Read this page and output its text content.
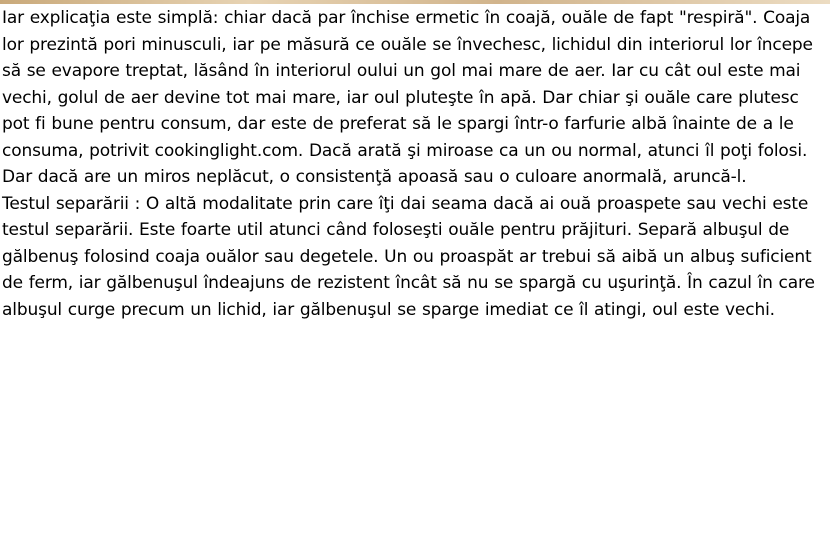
Iar explicaţia este simplă: chiar dacă par închise ermetic în coajă, ouăle de fapt "respiră". Coaja lor prezintă pori minusculi, iar pe măsură ce ouăle se învechesc, lichidul din interiorul lor începe să se evapore treptat, lăsând în interiorul oului un gol mai mare de aer. Iar cu cât oul este mai vechi, golul de aer devine tot mai mare, iar oul pluteşte în apă. Dar chiar şi ouăle care plutesc pot fi bune pentru consum, dar este de preferat să le spargi într-o farfurie albă înainte de a le consuma, potrivit cookinglight.com. Dacă arată şi miroase ca un ou normal, atunci îl poţi folosi. Dar dacă are un miros neplăcut, o consistenţă apoasă sau o culoare anormală, aruncă-l.

Testul separării : O altă modalitate prin care îţi dai seama dacă ai ouă proaspete sau vechi este testul separării. Este foarte util atunci când foloseşti ouăle pentru prăjituri. Separă albuşul de gălbenuş folosind coaja ouălor sau degetele. Un ou proaspăt ar trebui să aibă un albuş suficient de ferm, iar gălbenuşul îndeajuns de rezistent încât să nu se spargă cu uşurinţă. În cazul în care albuşul curge precum un lichid, iar gălbenuşul se sparge imediat ce îl atingi, oul este vechi.
